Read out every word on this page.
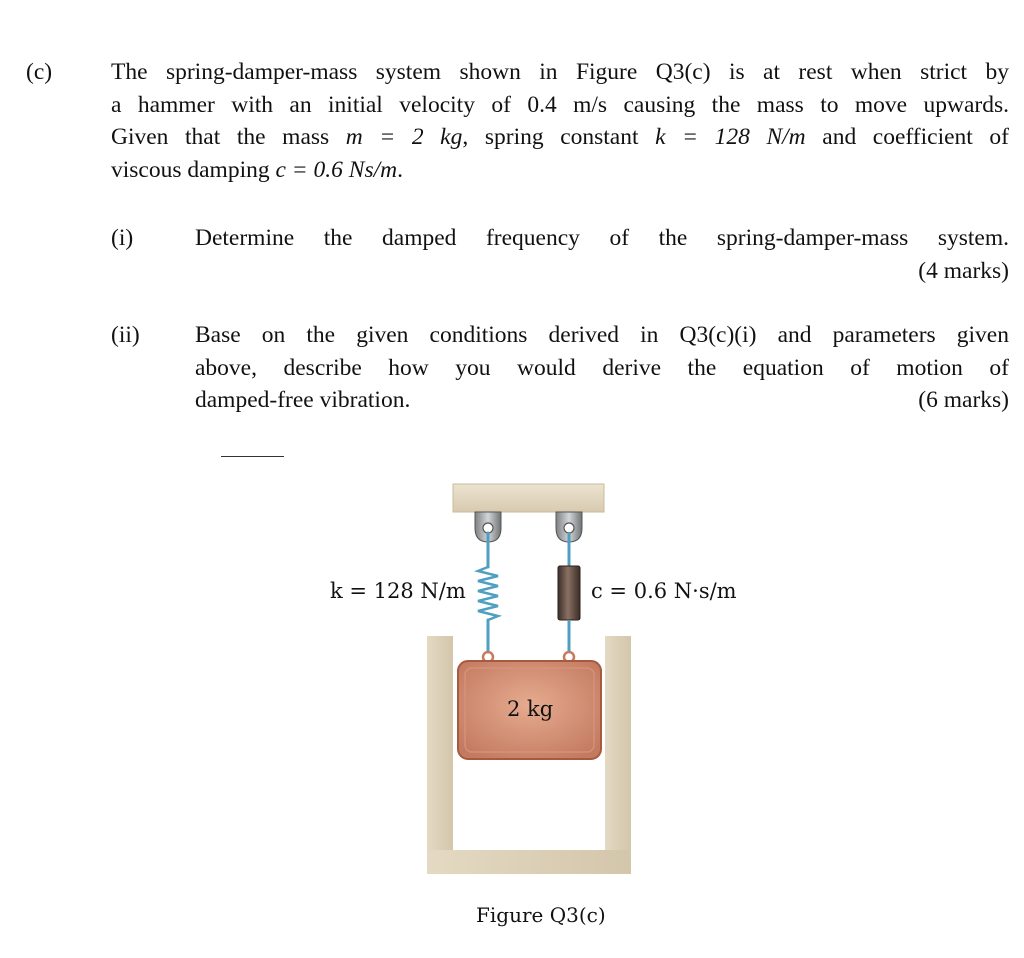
(c)	The spring-damper-mass system shown in Figure Q3(c) is at rest when strict by
a hammer with an initial velocity of 0.4 m/s causing the mass to move upwards.
Given that the mass m = 2 kg, spring constant k = 128 N/m and coefficient of
viscous damping c = 0.6 Ns/m.
(i)	Determine the damped frequency of the spring-damper-mass system.
(4 marks)
(ii) Base on the given conditions derived in Q3(c)(i) and parameters given
above, describe how you would derive the equation of motion of
damped-free vibration.	(6 marks)
k = 128 N/m	c = 0.6 N·s/m
2 kg
Figure Q3(c)
